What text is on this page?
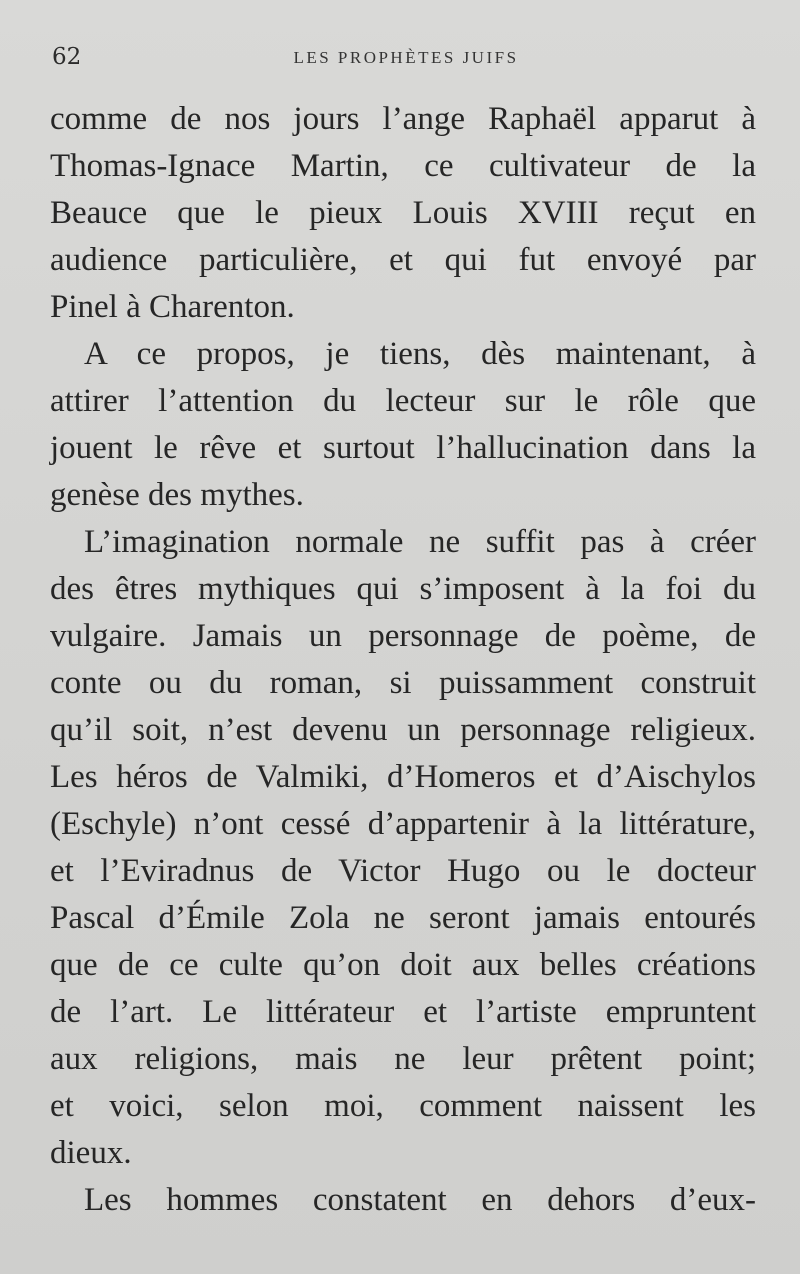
62	LES PROPHÈTES JUIFS
comme de nos jours l’ange Raphaël apparut à
Thomas-Ignace Martin, ce cultivateur de la
Beauce que le pieux Louis XVIII reçut en
audience particulière, et qui fut envoyé par
Pinel à Charenton.
A ce propos, je tiens, dès maintenant, à
attirer l’attention du lecteur sur le rôle que
jouent le rêve et surtout l’hallucination dans la
genèse des mythes.
L’imagination normale ne suffit pas à créer
des êtres mythiques qui s’imposent à la foi du
vulgaire. Jamais un personnage de poème, de
conte ou du roman, si puissamment construit
qu’il soit, n’est devenu un personnage religieux.
Les héros de Valmiki, d’Homeros et d’Aischylos
(Eschyle) n’ont cessé d’appartenir à la littérature,
et l’Eviradnus de Victor Hugo ou le docteur
Pascal d’Émile Zola ne seront jamais entourés
que de ce culte qu’on doit aux belles créations
de l’art. Le littérateur et l’artiste empruntent
aux religions, mais ne leur prêtent point;
et voici, selon moi, comment naissent les
dieux.
Les hommes constatent en dehors d’eux-
